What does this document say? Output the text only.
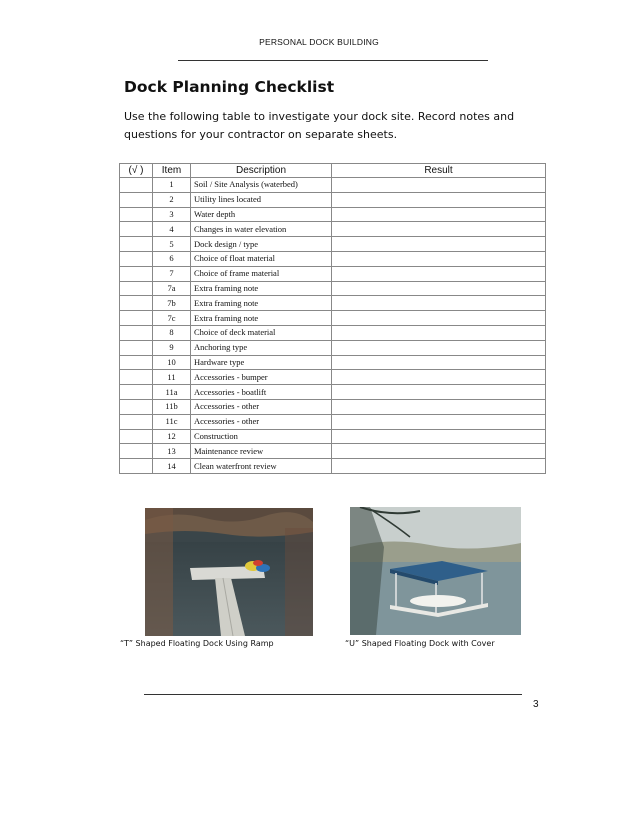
PERSONAL DOCK BUILDING
Dock Planning Checklist
Use the following table to investigate your dock site. Record notes and questions for your contractor on separate sheets.
(√ )	Item	Description	Result
	1	Soil / Site Analysis (waterbed)	
	2	Utility lines located	
	3	Water depth	
	4	Changes in water elevation	
	5	Dock design / type	
	6	Choice of float material	
	7	Choice of frame material	
	7a	Extra framing note	
	7b	Extra framing note	
	7c	Extra framing note	
	8	Choice of deck material	
	9	Anchoring type	
	10	Hardware type	
	11	Accessories - bumper	
	11a	Accessories - boatlift	
	11b	Accessories - other	
	11c	Accessories - other	
	12	Construction	
	13	Maintenance review	
	14	Clean waterfront review	
“T” Shaped Floating Dock Using Ramp	“U” Shaped Floating Dock with Cover
3
